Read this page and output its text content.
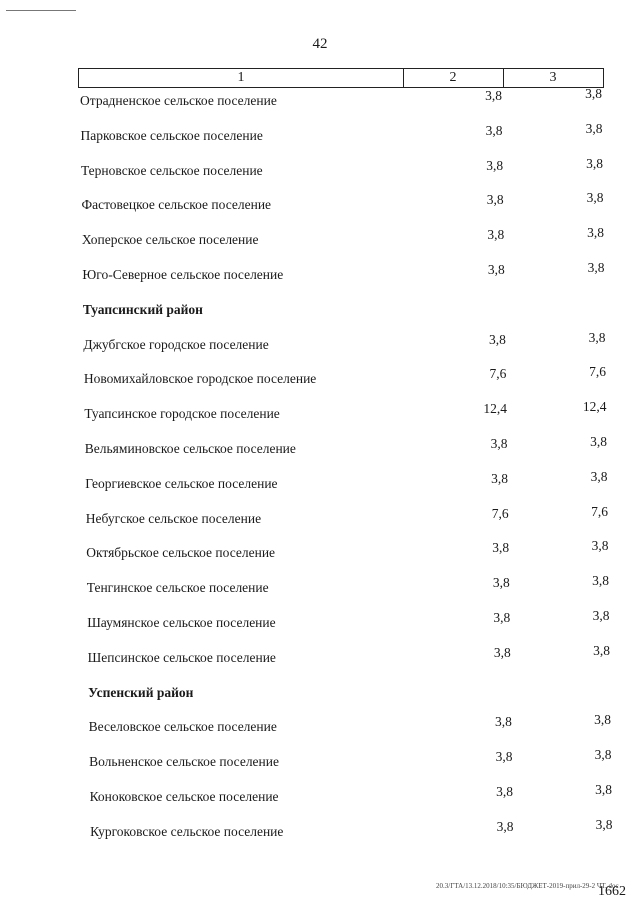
42
1	2	3
Отрадненское сельское поселение	3,8	3,8
Парковское сельское поселение	3,8	3,8
Терновское сельское поселение	3,8	3,8
Фастовецкое сельское поселение	3,8	3,8
Хоперское сельское поселение	3,8	3,8
Юго-Северное сельское поселение	3,8	3,8
Туапсинский район
Джубгское городское поселение	3,8	3,8
Новомихайловское городское поселение	7,6	7,6
Туапсинское городское поселение	12,4	12,4
Вельяминовское сельское поселение	3,8	3,8
Георгиевское сельское поселение	3,8	3,8
Небугское сельское поселение	7,6	7,6
Октябрьское сельское поселение	3,8	3,8
Тенгинское сельское поселение	3,8	3,8
Шаумянское сельское поселение	3,8	3,8
Шепсинское сельское поселение	3,8	3,8
Успенский район
Веселовское сельское поселение	3,8	3,8
Вольненское сельское поселение	3,8	3,8
Коноковское сельское поселение	3,8	3,8
Кургоковское сельское поселение	3,8	3,8
20.3/ГТА/13.12.2018/10:35/БЮДЖЕТ-2019-прил-29-2 ЧТ. doc
1662
